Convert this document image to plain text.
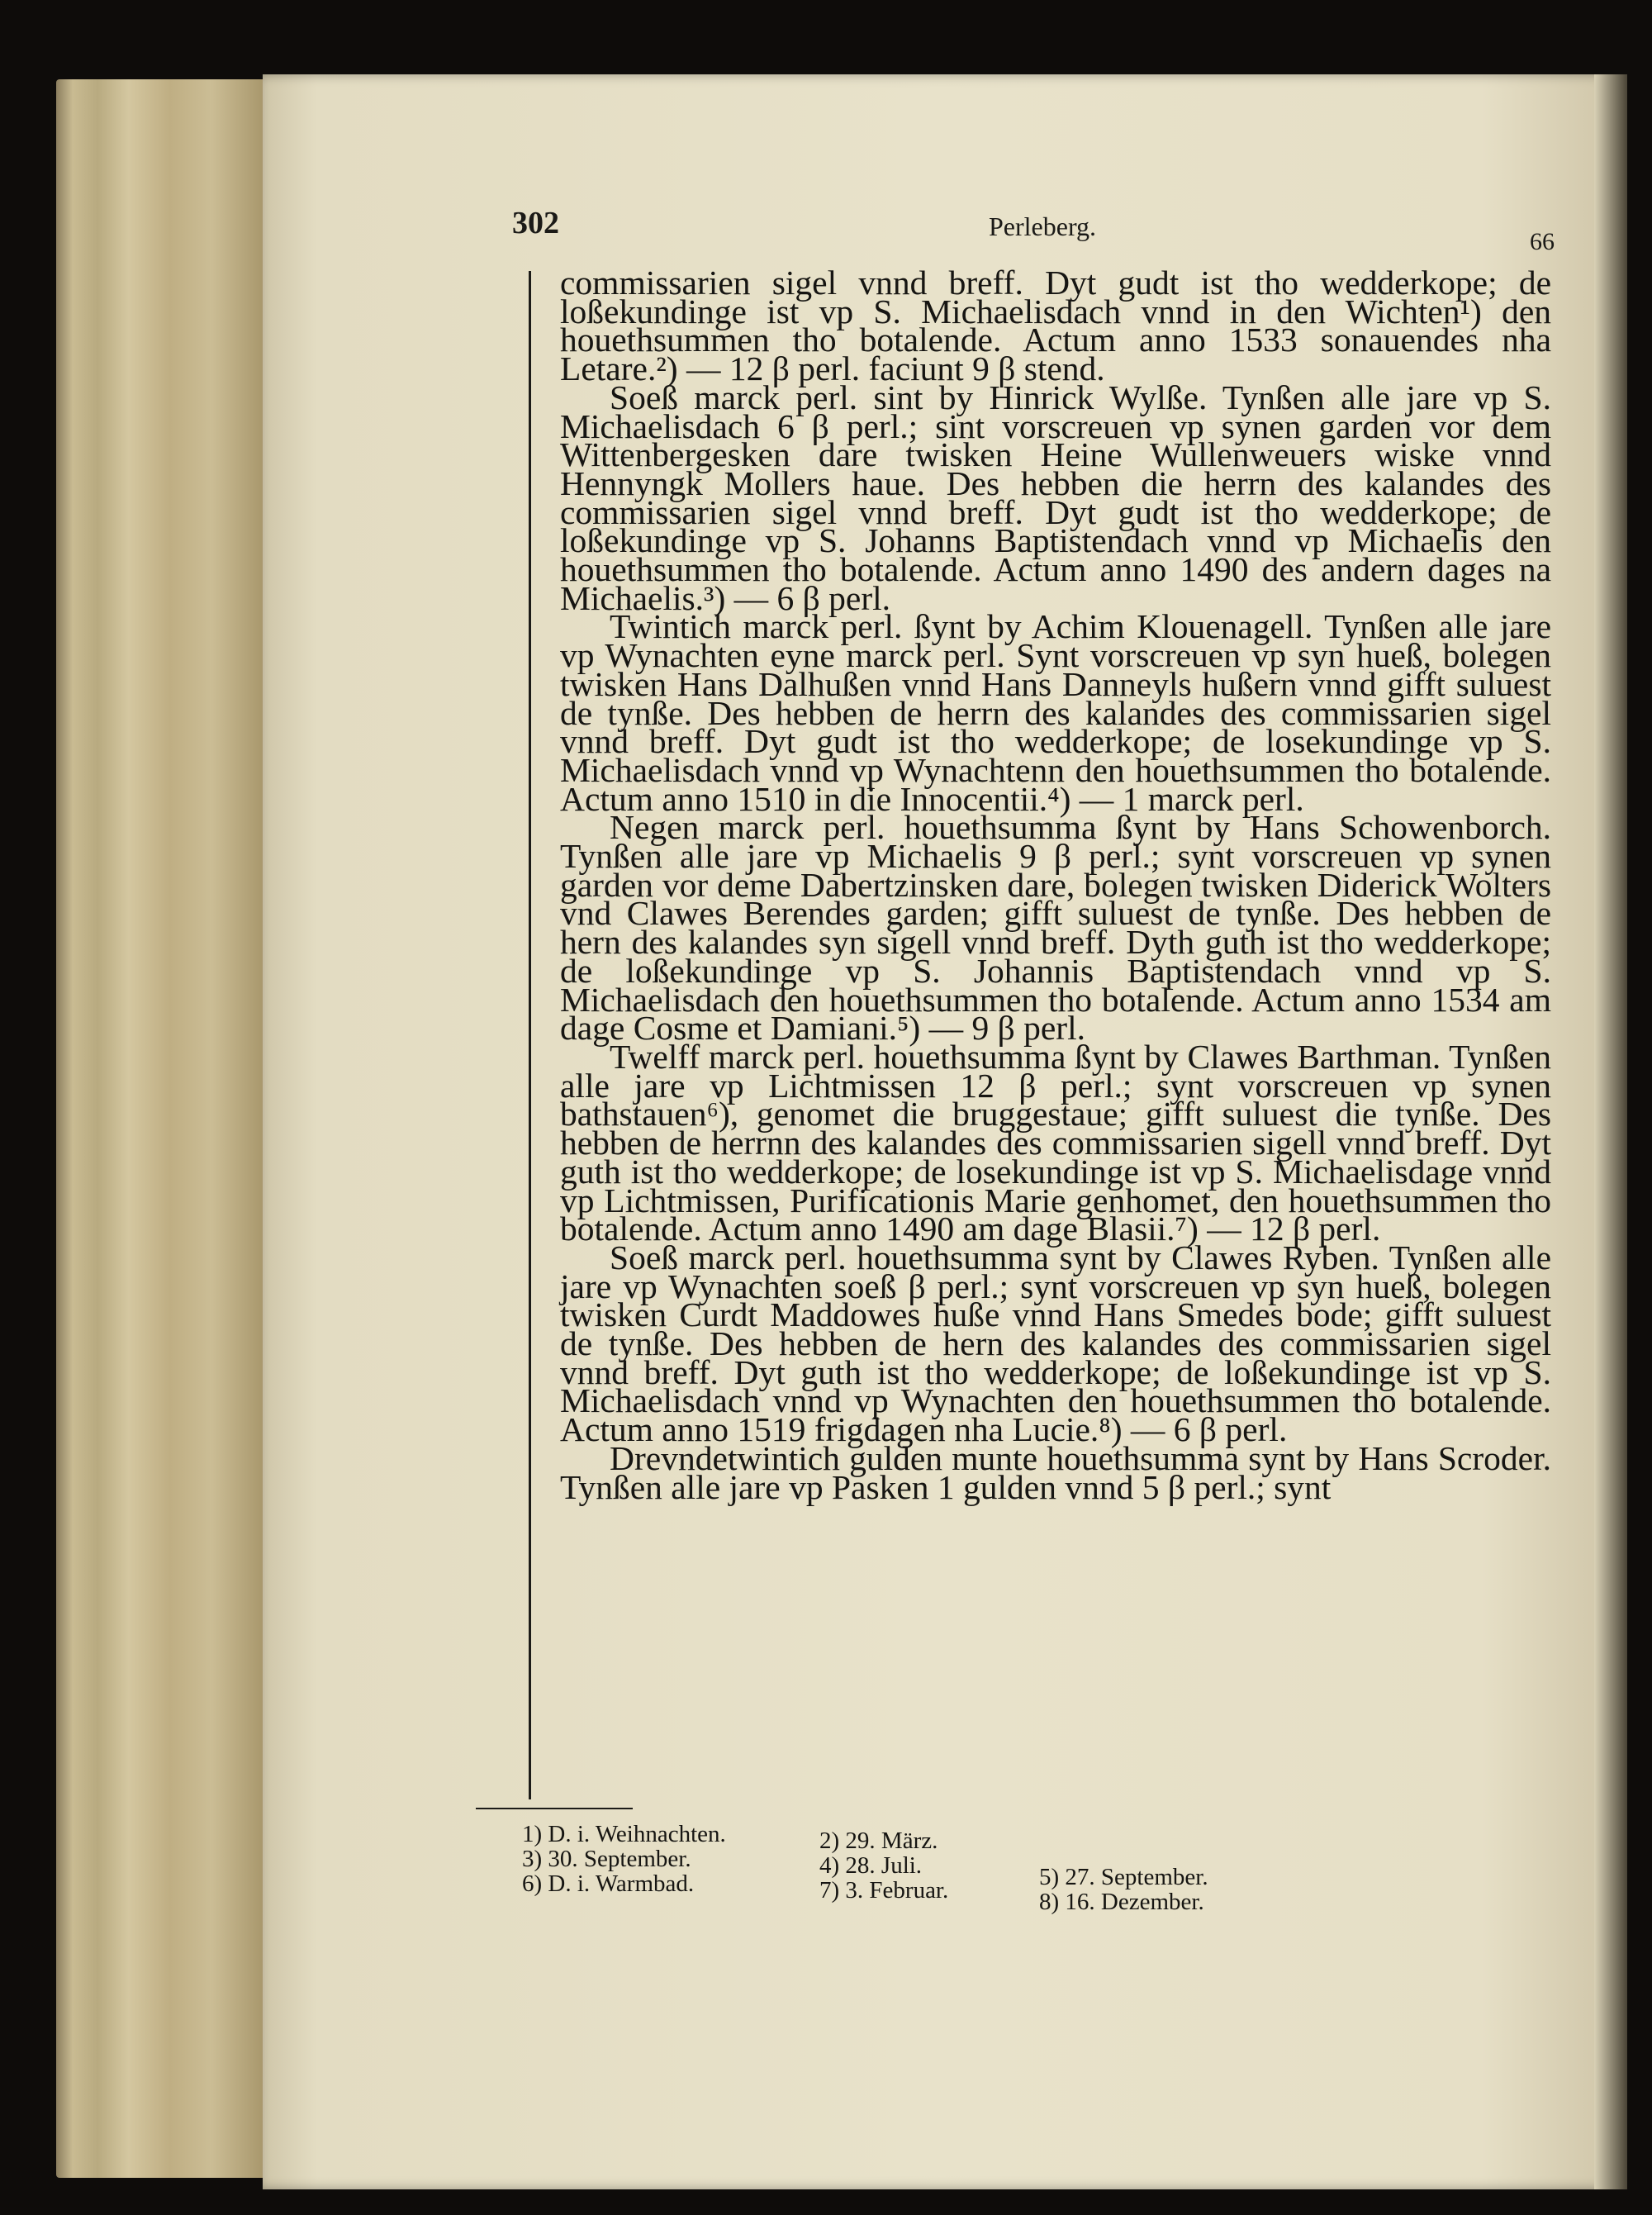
302	Perleberg.
66

commissarien sigel vnnd breff. Dyt gudt ist tho wedderkope; de loßekundinge ist vp S. Michaelisdach vnnd in den Wichten¹) den houethsummen tho botalende. Actum anno 1533 sonauendes nha Letare.²) — 12 β perl. faciunt 9 β stend.

Soeß marck perl. sint by Hinrick Wylße. Tynßen alle jare vp S. Michaelisdach 6 β perl.; sint vorscreuen vp synen garden vor dem Wittenbergesken dare twisken Heine Wullenweuers wiske vnnd Hennyngk Mollers haue. Des hebben die herrn des kalandes des commissarien sigel vnnd breff. Dyt gudt ist tho wedderkope; de loßekundinge vp S. Johanns Baptistendach vnnd vp Michaelis den houethsummen tho botalende. Actum anno 1490 des andern dages na Michaelis.³) — 6 β perl.

Twintich marck perl. ßynt by Achim Klouenagell. Tynßen alle jare vp Wynachten eyne marck perl. Synt vorscreuen vp syn hueß, bolegen twisken Hans Dalhußen vnnd Hans Danneyls hußern vnnd gifft suluest de tynße. Des hebben de herrn des kalandes des commissarien sigel vnnd breff. Dyt gudt ist tho wedderkope; de losekundinge vp S. Michaelisdach vnnd vp Wynachtenn den houethsummen tho botalende. Actum anno 1510 in die Innocentii.⁴) — 1 marck perl.

Negen marck perl. houethsumma ßynt by Hans Schowenborch. Tynßen alle jare vp Michaelis 9 β perl.; synt vorscreuen vp synen garden vor deme Dabertzinsken dare, bolegen twisken Diderick Wolters vnd Clawes Berendes garden; gifft suluest de tynße. Des hebben de hern des kalandes syn sigell vnnd breff. Dyth guth ist tho wedderkope; de loßekundinge vp S. Johannis Baptistendach vnnd vp S. Michaelisdach den houethsummen tho botalende. Actum anno 1534 am dage Cosme et Damiani.⁵) — 9 β perl.

Twelff marck perl. houethsumma ßynt by Clawes Barthman. Tynßen alle jare vp Lichtmissen 12 β perl.; synt vorscreuen vp synen bathstauen⁶), genomet die bruggestaue; gifft suluest die tynße. Des hebben de herrnn des kalandes des commissarien sigell vnnd breff. Dyt guth ist tho wedderkope; de losekundinge ist vp S. Michaelisdage vnnd vp Lichtmissen, Purificationis Marie genhomet, den houethsummen tho botalende. Actum anno 1490 am dage Blasii.⁷) — 12 β perl.

Soeß marck perl. houethsumma synt by Clawes Ryben. Tynßen alle jare vp Wynachten soeß β perl.; synt vorscreuen vp syn hueß, bolegen twisken Curdt Maddowes huße vnnd Hans Smedes bode; gifft suluest de tynße. Des hebben de hern des kalandes des commissarien sigel vnnd breff. Dyt guth ist tho wedderkope; de loßekundinge ist vp S. Michaelisdach vnnd vp Wynachten den houethsummen tho botalende. Actum anno 1519 frigdagen nha Lucie.⁸) — 6 β perl.

Drevndetwintich gulden munte houethsumma synt by Hans Scroder. Tynßen alle jare vp Pasken 1 gulden vnnd 5 β perl.; synt

1) D. i. Weihnachten.	2) 29. März.
3) 30. September.	4) 28. Juli.	5) 27. September.
6) D. i. Warmbad.	7) 3. Februar.	8) 16. Dezember.
